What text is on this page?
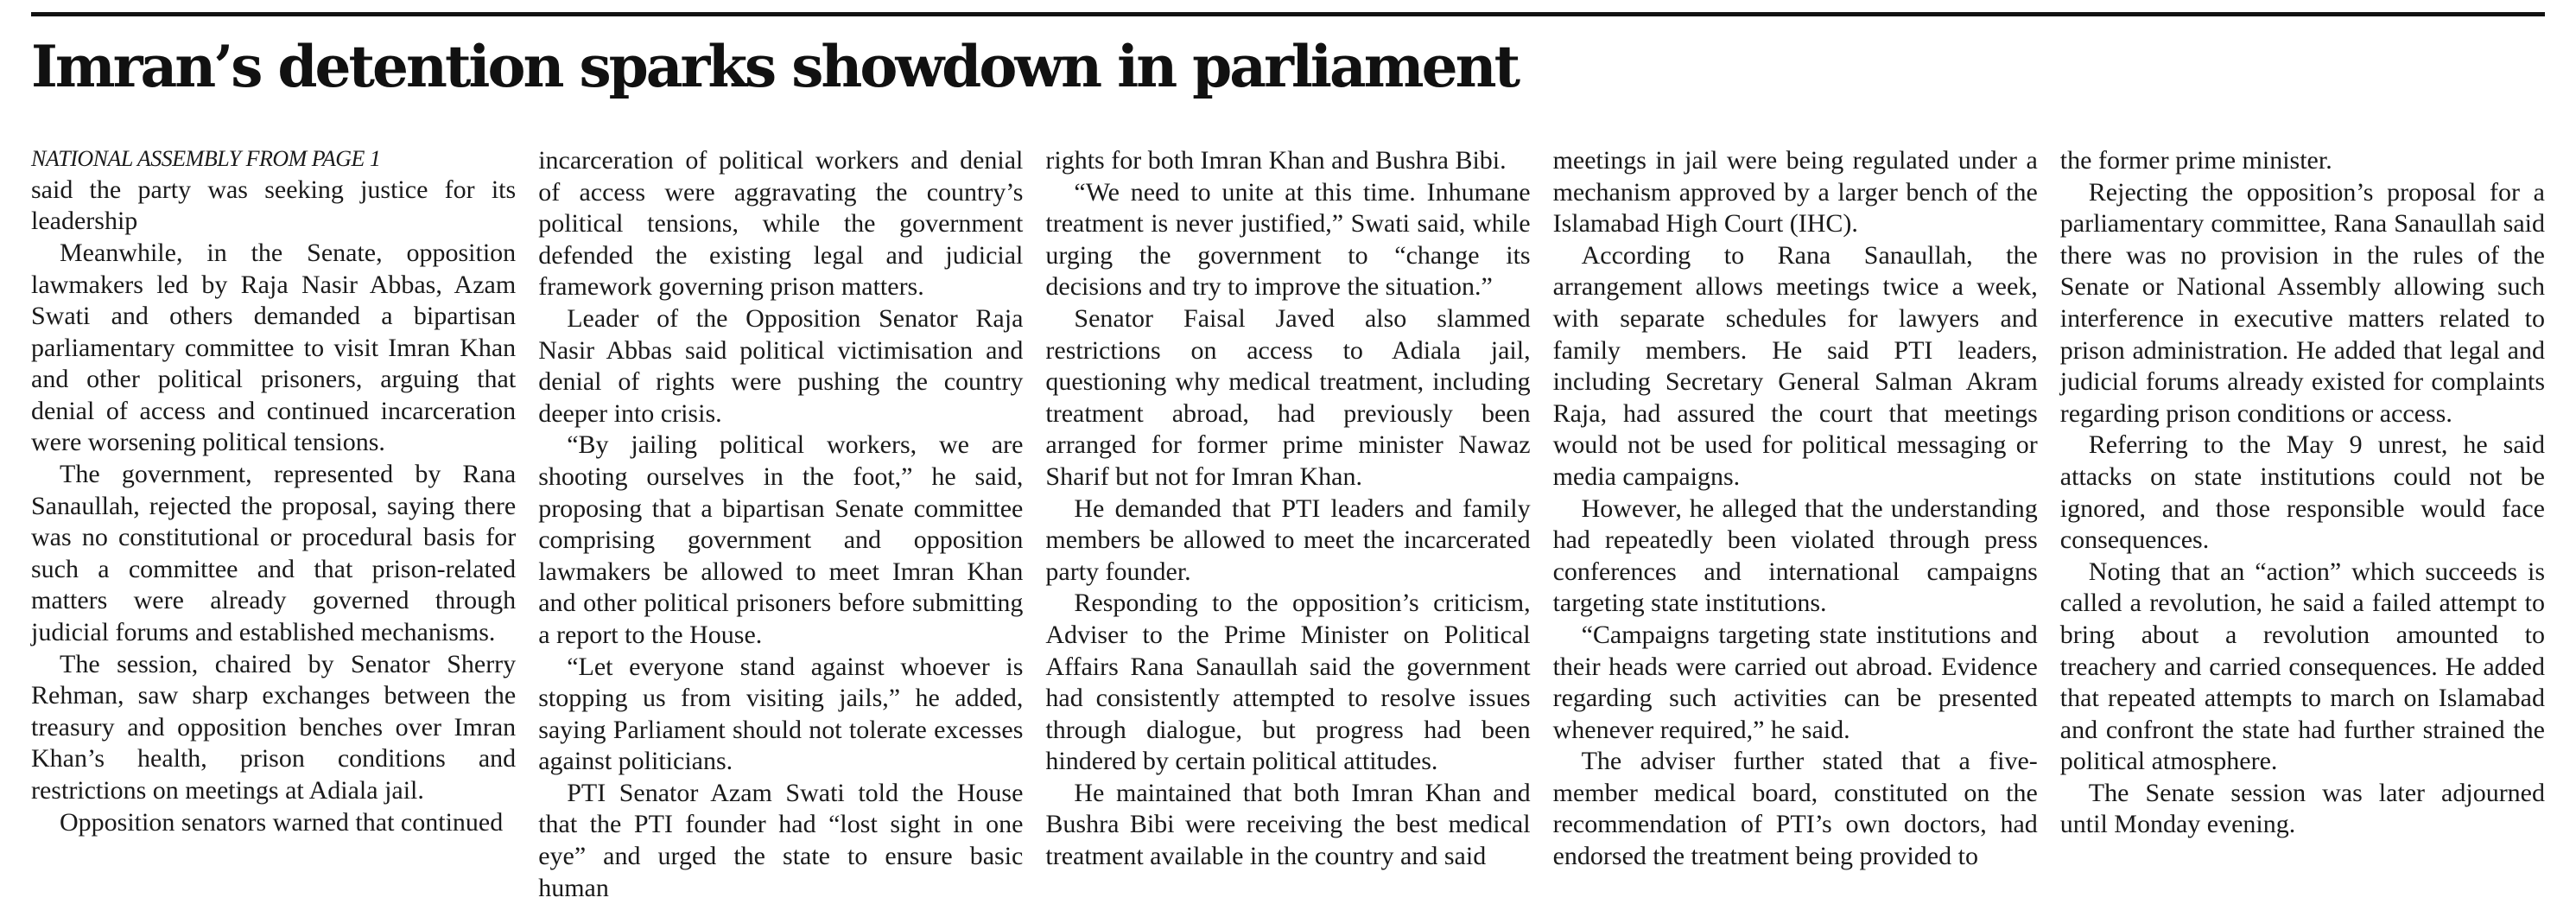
Imran’s detention sparks showdown in parliament
NATIONAL ASSEMBLY FROM PAGE 1

said the party was seeking justice for its leadership

Meanwhile, in the Senate, opposition lawmakers led by Raja Nasir Abbas, Azam Swati and others demanded a bipartisan parliamentary committee to visit Imran Khan and other political prisoners, arguing that denial of access and continued incarceration were worsening political tensions.

The government, represented by Rana Sanaullah, rejected the proposal, saying there was no constitutional or procedural basis for such a committee and that prison-related matters were already governed through judicial forums and established mechanisms.

The session, chaired by Senator Sherry Rehman, saw sharp exchanges between the treasury and opposition benches over Imran Khan’s health, prison conditions and restrictions on meetings at Adiala jail.

Opposition senators warned that continued

incarceration of political workers and denial of access were aggravating the country’s political tensions, while the government defended the existing legal and judicial framework governing prison matters.

Leader of the Opposition Senator Raja Nasir Abbas said political victimisation and denial of rights were pushing the country deeper into crisis.

“By jailing political workers, we are shooting ourselves in the foot,” he said, proposing that a bipartisan Senate committee comprising government and opposition lawmakers be allowed to meet Imran Khan and other political prisoners before submitting a report to the House.

“Let everyone stand against whoever is stopping us from visiting jails,” he added, saying Parliament should not tolerate excesses against politicians.

PTI Senator Azam Swati told the House that the PTI founder had “lost sight in one eye” and urged the state to ensure basic human

rights for both Imran Khan and Bushra Bibi.

“We need to unite at this time. Inhumane treatment is never justified,” Swati said, while urging the government to “change its decisions and try to improve the situation.”

Senator Faisal Javed also slammed restrictions on access to Adiala jail, questioning why medical treatment, including treatment abroad, had previously been arranged for former prime minister Nawaz Sharif but not for Imran Khan.

He demanded that PTI leaders and family members be allowed to meet the incarcerated party founder.

Responding to the opposition’s criticism, Adviser to the Prime Minister on Political Affairs Rana Sanaullah said the government had consistently attempted to resolve issues through dialogue, but progress had been hindered by certain political attitudes.

He maintained that both Imran Khan and Bushra Bibi were receiving the best medical treatment available in the country and said

meetings in jail were being regulated under a mechanism approved by a larger bench of the Islamabad High Court (IHC).

According to Rana Sanaullah, the arrangement allows meetings twice a week, with separate schedules for lawyers and family members. He said PTI leaders, including Secretary General Salman Akram Raja, had assured the court that meetings would not be used for political messaging or media campaigns.

However, he alleged that the understanding had repeatedly been violated through press conferences and international campaigns targeting state institutions.

“Campaigns targeting state institutions and their heads were carried out abroad. Evidence regarding such activities can be presented whenever required,” he said.

The adviser further stated that a five-member medical board, constituted on the recommendation of PTI’s own doctors, had endorsed the treatment being provided to

the former prime minister.

Rejecting the opposition’s proposal for a parliamentary committee, Rana Sanaullah said there was no provision in the rules of the Senate or National Assembly allowing such interference in executive matters related to prison administration. He added that legal and judicial forums already existed for complaints regarding prison conditions or access.

Referring to the May 9 unrest, he said attacks on state institutions could not be ignored, and those responsible would face consequences.

Noting that an “action” which succeeds is called a revolution, he said a failed attempt to bring about a revolution amounted to treachery and carried consequences. He added that repeated attempts to march on Islamabad and confront the state had further strained the political atmosphere.

The Senate session was later adjourned until Monday evening.
